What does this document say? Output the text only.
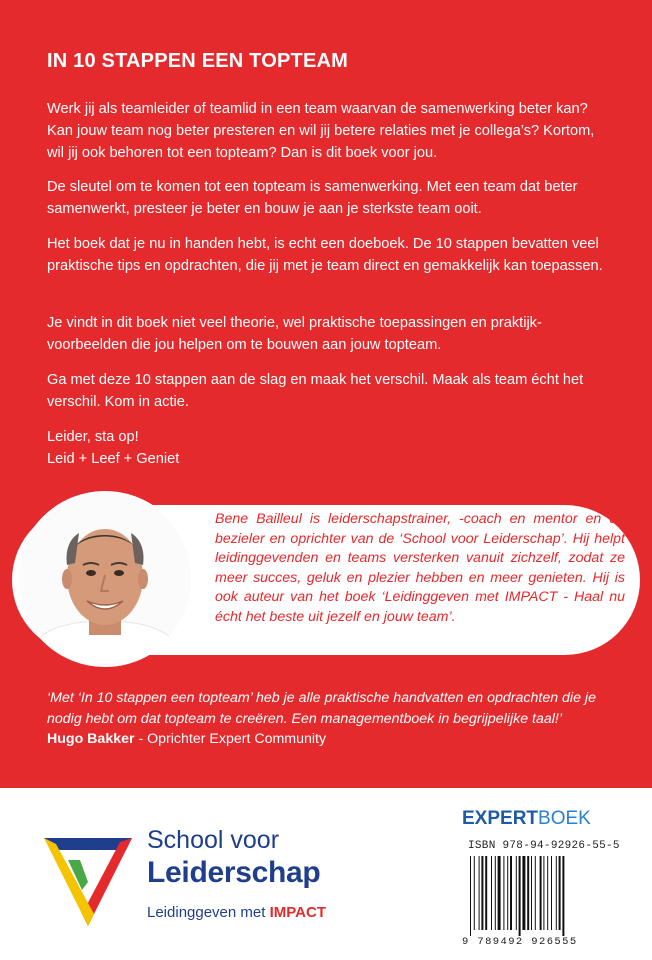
IN 10 STAPPEN EEN TOPTEAM
Werk jij als teamleider of teamlid in een team waarvan de samenwerking beter kan? Kan jouw team nog beter presteren en wil jij betere relaties met je collega’s? Kortom, wil jij ook behoren tot een topteam? Dan is dit boek voor jou.
De sleutel om te komen tot een topteam is samenwerking. Met een team dat beter samenwerkt, presteer je beter en bouw je aan je sterkste team ooit.
Het boek dat je nu in handen hebt, is echt een doeboek. De 10 stappen bevatten veel praktische tips en opdrachten, die jij met je team direct en gemakkelijk kan toepassen.
Je vindt in dit boek niet veel theorie, wel praktische toepassingen en praktijk-voorbeelden die jou helpen om te bouwen aan jouw topteam.
Ga met deze 10 stappen aan de slag en maak het verschil. Maak als team écht het verschil. Kom in actie.
Leider, sta op!
Leid + Leef + Geniet
Bene Bailleul is leiderschapstrainer, -coach en mentor en de bezieler en oprichter van de ‘School voor Leiderschap’. Hij helpt leidinggevenden en teams versterken vanuit zichzelf, zodat ze meer succes, geluk en plezier hebben en meer genieten. Hij is ook auteur van het boek ‘Leidinggeven met IMPACT - Haal nu écht het beste uit jezelf en jouw team’.
‘Met ‘In 10 stappen een topteam’ heb je alle praktische handvatten en opdrachten die je nodig hebt om dat topteam te creëren. Een managementboek in begrijpelijke taal!’
Hugo Bakker - Oprichter Expert Community
School voor
Leiderschap
Leidinggeven met IMPACT
EXPERTBOEK
ISBN 978-94-92926-55-5
9 789492 926555
